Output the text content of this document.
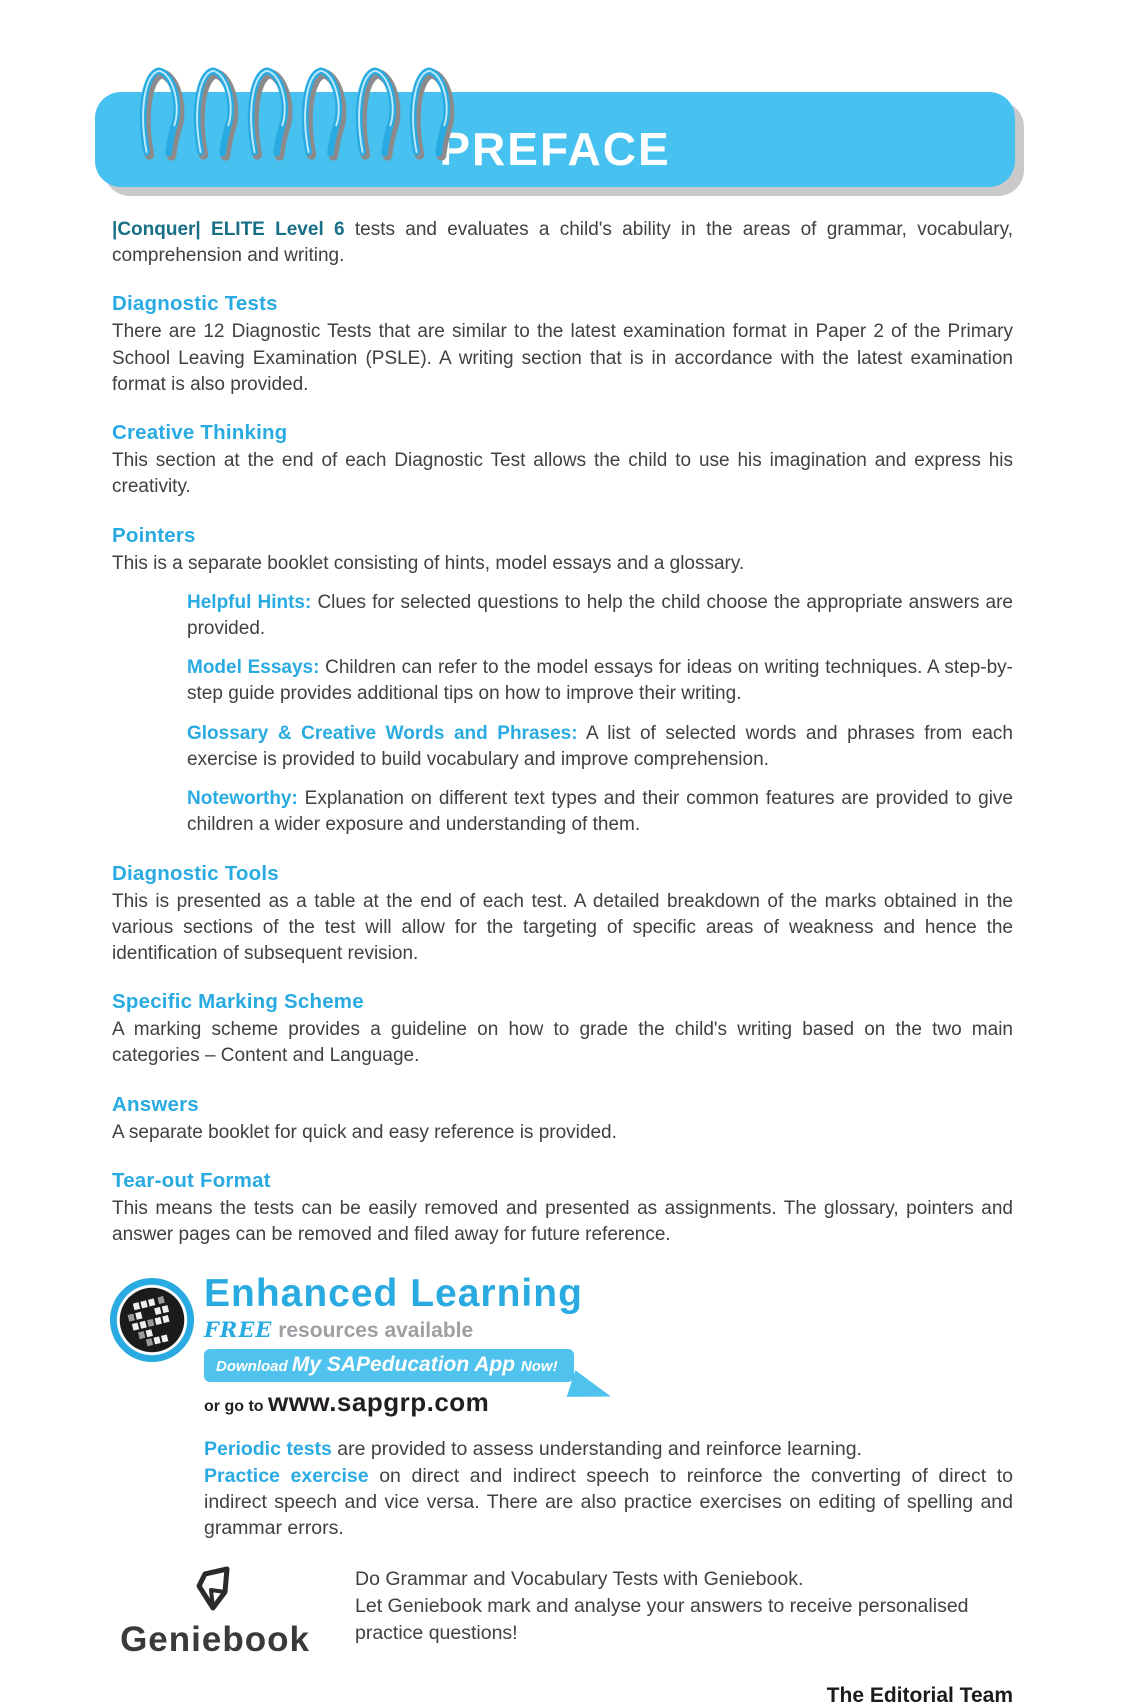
PREFACE

|Conquer| ELITE Level 6 tests and evaluates a child's ability in the areas of grammar, vocabulary, comprehension and writing.

Diagnostic Tests

There are 12 Diagnostic Tests that are similar to the latest examination format in Paper 2 of the Primary School Leaving Examination (PSLE). A writing section that is in accordance with the latest examination format is also provided.

Creative Thinking

This section at the end of each Diagnostic Test allows the child to use his imagination and express his creativity.

Pointers

This is a separate booklet consisting of hints, model essays and a glossary.

Helpful Hints: Clues for selected questions to help the child choose the appropriate answers are provided.
Model Essays: Children can refer to the model essays for ideas on writing techniques. A step-by-step guide provides additional tips on how to improve their writing.
Glossary & Creative Words and Phrases: A list of selected words and phrases from each exercise is provided to build vocabulary and improve comprehension.
Noteworthy: Explanation on different text types and their common features are provided to give children a wider exposure and understanding of them.
Diagnostic Tools

This is presented as a table at the end of each test. A detailed breakdown of the marks obtained in the various sections of the test will allow for the targeting of specific areas of weakness and hence the identification of subsequent revision.

Specific Marking Scheme

A marking scheme provides a guideline on how to grade the child's writing based on the two main categories – Content and Language.

Answers

A separate booklet for quick and easy reference is provided.

Tear-out Format

This means the tests can be easily removed and presented as assignments. The glossary, pointers and answer pages can be removed and filed away for future reference.

Enhanced Learning
FREE resources available
Download My SAPeducation App Now!
or go to www.sapgrp.com

Periodic tests are provided to assess understanding and reinforce learning.

Practice exercise on direct and indirect speech to reinforce the converting of direct to indirect speech and vice versa. There are also practice exercises on editing of spelling and grammar errors.

Geniebook
Do Grammar and Vocabulary Tests with Geniebook.
Let Geniebook mark and analyse your answers to receive personalised practice questions!
The Editorial Team
